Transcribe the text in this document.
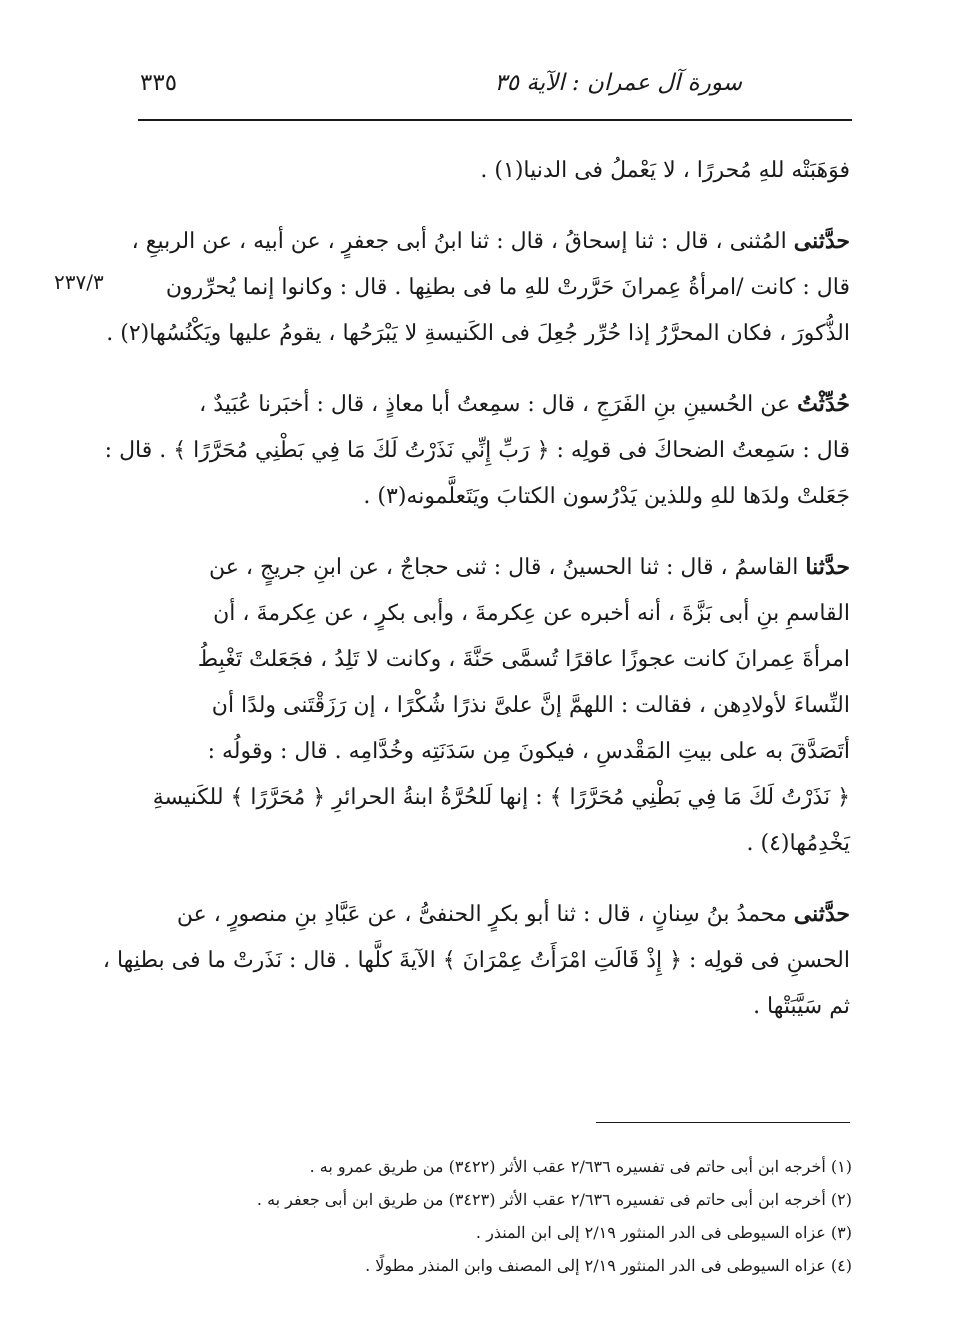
سورة آل عمران : الآية ٣٥
٣٣٥
٢٣٧/٣
فوَهَبَتْه للهِ مُحررًا ، لا يَعْملُ فى الدنيا(١) .
حدَّثنى المُثنى ، قال : ثنا إسحاقُ ، قال : ثنا ابنُ أبى جعفرٍ ، عن أبيه ، عن الربيعِ ،
قال : كانت /امرأةُ عِمرانَ حَرَّرتْ للهِ ما فى بطنِها . قال : وكانوا إنما يُحرِّرون
الذُّكورَ ، فكان المحرَّرُ إذا حُرِّر جُعِلَ فى الكَنيسةِ لا يَبْرَحُها ، يقومُ عليها ويَكْنُسُها(٢) .
حُدِّثْتُ عن الحُسينِ بنِ الفَرَجِ ، قال : سمِعتُ أبا معاذٍ ، قال : أخبَرنا عُبَيدٌ ،
قال : سَمِعتُ الضحاكَ فى قولِه : ﴿ رَبِّ إِنِّي نَذَرْتُ لَكَ مَا فِي بَطْنِي مُحَرَّرًا ﴾ . قال :
جَعَلتْ ولدَها للهِ وللذين يَدْرُسون الكتابَ ويَتَعلَّمونه(٣) .
حدَّثنا القاسمُ ، قال : ثنا الحسينُ ، قال : ثنى حجاجٌ ، عن ابنِ جريجٍ ، عن
القاسمِ بنِ أبى بَزَّةَ ، أنه أخبره عن عِكرمةَ ، وأبى بكرٍ ، عن عِكرمةَ ، أن
امرأةَ عِمرانَ كانت عجوزًا عاقرًا تُسمَّى حَنَّةَ ، وكانت لا تَلِدُ ، فجَعَلتْ تَغْبِطُ
النِّساءَ لأولادِهن ، فقالت : اللهمَّ إنَّ علىَّ نذرًا شُكْرًا ، إن رَزَقْتَنى ولدًا أن
أتَصَدَّقَ به على بيتِ المَقْدسِ ، فيكونَ مِن سَدَنَتِه وخُدَّامِه . قال : وقولُه :
﴿ نَذَرْتُ لَكَ مَا فِي بَطْنِي مُحَرَّرًا ﴾ : إنها لَلحُرَّةُ ابنةُ الحرائرِ ﴿ مُحَرَّرًا ﴾ للكَنيسةِ
يَخْدِمُها(٤) .
حدَّثنى محمدُ بنُ سِنانٍ ، قال : ثنا أبو بكرٍ الحنفىُّ ، عن عَبَّادِ بنِ منصورٍ ، عن
الحسنِ فى قولِه : ﴿ إِذْ قَالَتِ امْرَأَتُ عِمْرَانَ ﴾ الآيةَ كلَّها . قال : نَذَرتْ ما فى بطنِها ،
ثم سَيَّبَتْها .
(١) أخرجه ابن أبى حاتم فى تفسيره ٢/٦٣٦ عقب الأثر (٣٤٢٢) من طريق عمرو به .
(٢) أخرجه ابن أبى حاتم فى تفسيره ٢/٦٣٦ عقب الأثر (٣٤٢٣) من طريق ابن أبى جعفر به .
(٣) عزاه السيوطى فى الدر المنثور ٢/١٩ إلى ابن المنذر .
(٤) عزاه السيوطى فى الدر المنثور ٢/١٩ إلى المصنف وابن المنذر مطولًا .
